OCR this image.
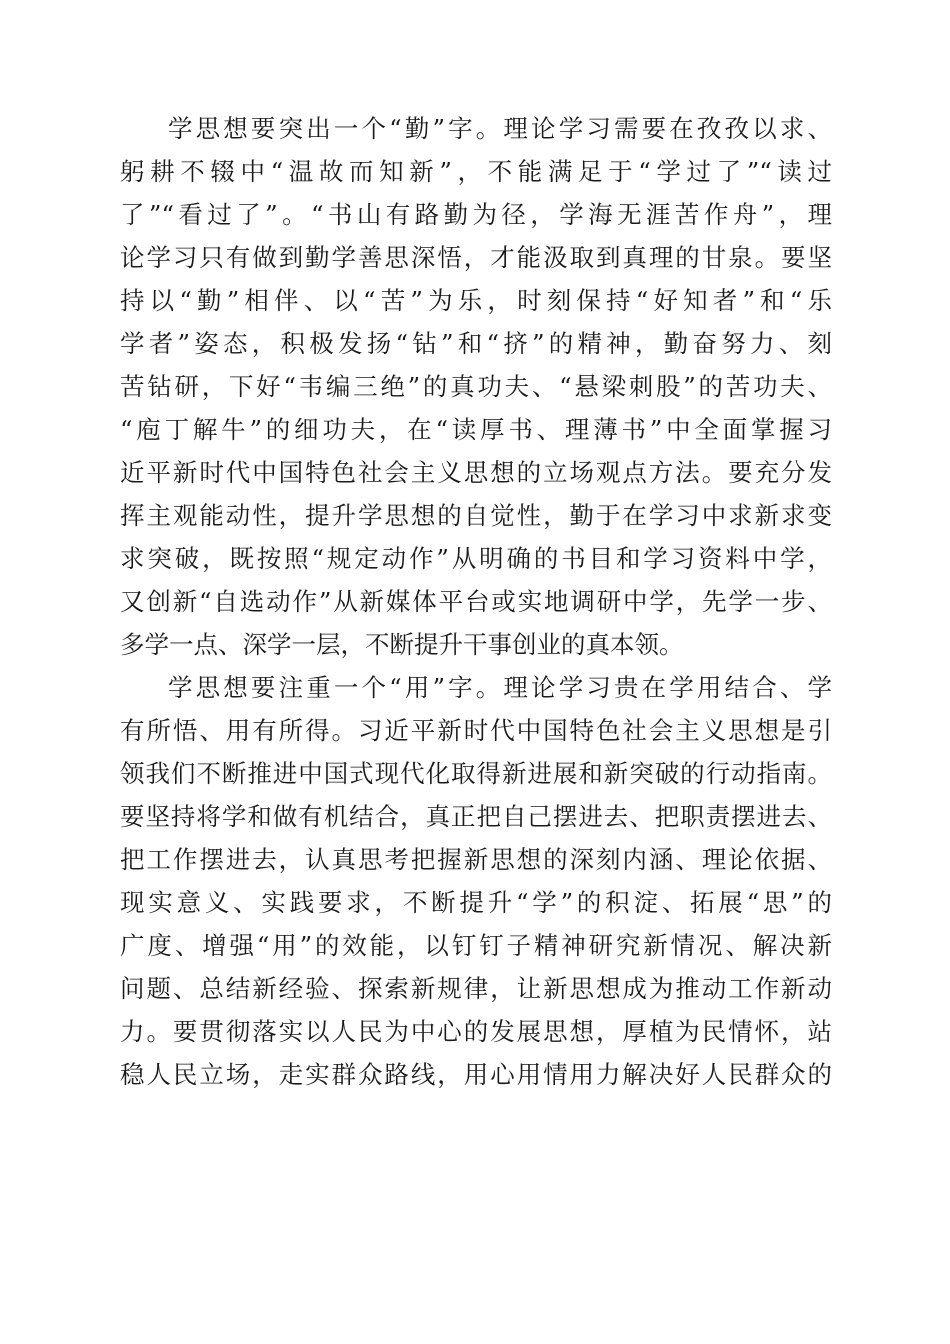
学思想要突出一个“勤”字。理论学习需要在孜孜以求、
躬耕不辍中“温故而知新”，不能满足于“学过了”“读过
了”“看过了”。“书山有路勤为径，学海无涯苦作舟”，理
论学习只有做到勤学善思深悟，才能汲取到真理的甘泉。要坚
持以“勤”相伴、以“苦”为乐，时刻保持“好知者”和“乐
学者”姿态，积极发扬“钻”和“挤”的精神，勤奋努力、刻
苦钻研，下好“韦编三绝”的真功夫、“悬梁刺股”的苦功夫、
“庖丁解牛”的细功夫，在“读厚书、理薄书”中全面掌握习
近平新时代中国特色社会主义思想的立场观点方法。要充分发
挥主观能动性，提升学思想的自觉性，勤于在学习中求新求变
求突破，既按照“规定动作”从明确的书目和学习资料中学，
又创新“自选动作”从新媒体平台或实地调研中学，先学一步、
多学一点、深学一层，不断提升干事创业的真本领。

学思想要注重一个“用”字。理论学习贵在学用结合、学
有所悟、用有所得。习近平新时代中国特色社会主义思想是引
领我们不断推进中国式现代化取得新进展和新突破的行动指南。
要坚持将学和做有机结合，真正把自己摆进去、把职责摆进去、
把工作摆进去，认真思考把握新思想的深刻内涵、理论依据、
现实意义、实践要求，不断提升“学”的积淀、拓展“思”的
广度、增强“用”的效能，以钉钉子精神研究新情况、解决新
问题、总结新经验、探索新规律，让新思想成为推动工作新动
力。要贯彻落实以人民为中心的发展思想，厚植为民情怀，站
稳人民立场，走实群众路线，用心用情用力解决好人民群众的
